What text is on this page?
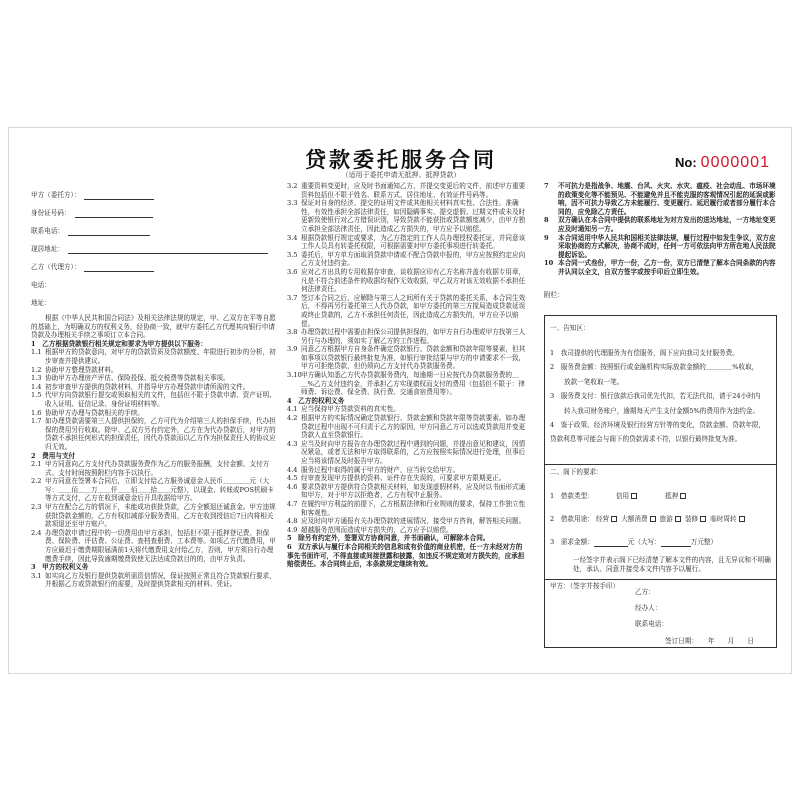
贷款委托服务合同
（适用于委托申请无抵押、抵押贷款）
No: 0000001
甲方（委托方）：
身份证号码：
联系电话：
现居地址：
乙方（代理方）：
电话：
地址：

根据《中华人民共和国合同法》及相关法律法规的规定，甲、乙双方在平等自愿的基础上，为明确双方的权利义务，经协商一致，就甲方委托乙方代理其向银行申请贷款及办理相关手续之事项订立本合同。

1　乙方根据贷款银行相关规定和要求为甲方提供以下服务：

1.1 根据甲方的贷款意向，对甲方的贷款资质及贷款额度、年限进行初步的分析，初步审查并提供建议。
1.2 协助甲方整理贷款材料。
1.3 协助甲方办理房产评估、保险投保、抵交税费等贷款相关事项。
1.4 初步审查甲方提供的贷款材料，并指导甲方办理贷款申请所需的文件。
1.5 代甲方向贷款银行提交或领取相关的文件，包括但不限于贷款申请、资产证明、收入证明、征信记录、身份证明材料等。
1.6 协助甲方办理与贷款相关的手续。
1.7 如办理贷款需要第三人提供担保的，乙方可代为介绍第三人的担保手续，代办担保的费用另行收取。除甲、乙双方另有约定外，乙方在为代办贷款后，对甲方的贷款不承担任何形式的担保责任，因代办贷款而以乙方作为担保责任人的协议应归无效。

2　费用与支付

2.1 甲方同意向乙方支付代办贷款服务费作为乙方的服务报酬，支付金额、支付方式、支付时间按照附栏内容予以执行。
2.2 甲方同意在签署本合同后，立即支付给乙方服务诚意金人民币＿＿＿＿元（大写：＿＿佰＿＿万＿＿仟＿＿佰＿＿拾＿＿元整），以现金、转账或POS机刷卡等方式支付，乙方在收到诚意金后开具收据给甲方。
2.3 甲方在配合乙方的情况下，未能成功获批贷款，乙方全额退还诚意金。甲方违规获批贷款金额的，乙方有权扣减部分服务费用，乙方在收到授信后7日内将相关款项退还至甲方账户。
2.4 办理贷款申请过程中的一切费用由甲方承担，包括但不限于抵押登记费、担保费、保险费、评估费、公证费、查档查册费、工本费等。如项乙方代缴费用，甲方应最迟于缴费期限届满前1天将代缴费用支付给乙方，否则，甲方须自行办理缴费手续，因此导致逾期缴费致使无法达成贷款目的的，由甲方负责。

3　甲方的权利义务

3.1 如实向乙方及银行提供贷款所需资信情况，保证按照正常且符合贷款银行要求，并根据乙方或贷款银行的需要，及时提供贷款相关的材料、凭证。
3.2 重要资料变更时，应及时书面通知乙方，并提交变更后的文件，前述甲方重要资料包括但不限于姓名、联系方式、居住地址、有效证件号码等。
3.3 保证对自身的经济、提交的证明文件或其他相关材料真实性、合法性、准确性，有效性承担全部法律责任，如因隐瞒事实、提交虚假、过期文件或未及时更新致使银行对乙方错误识别，导致贷款不能获批或贷款额度减少，由甲方独立承担全部法律责任，因此造成乙方损失的，甲方应予以赔偿。
3.4 根据贷款银行规定或要求，为乙方指定的工作人员办理授权委托证，并同意该工作人员具有转委托权限，可根据需要对甲方委托事项进行转委托。
3.5 委托后，甲方单方面取消贷款申请或不配合贷款申报的，甲方应按照约定应向乙方支付违约金。
3.6 应对乙方出具的专用收据存审查，谈收据应印有乙方名称并盖有收据专用章，凡是不符合前述条件的收据均视作无效收据，甲乙双方对该无效收据不承担任何法律责任。
3.7 签订本合同之后，应解除与第三人之间所有关于贷款的委托关系，本合同生效后，不得再另行委托第三人代办贷款，如甲方委托的第三方搅局造成贷款延误或终止贷款的，乙方不承担任何责任，因此造成乙方损失的，甲方应予以赔偿。
3.8 办理贷款过程中需要由担保公司提供担保的，如甲方自行办理或甲方找第三人另行与办理的，须如实了解乙方的工作进程。
3.9 同意乙方根据甲方自身条件确定贷款银行、贷款金额和贷款年限等要素，但其如事项以贷款银行最终批复为准，如银行审批结果与甲方的申请要求不一致，甲方可拒绝贷款，但仍须向乙方支付代办贷款服务费。
3.10 甲方确认知悉乙方代办贷款服务费内，每逾期一日应按代办贷款服务费的＿＿%乙方支付违约金，并承担乙方实现债权而支付的费用（包括但不限于：律师费、诉讼费、保全费、执行费、交通食宿费用等）。

4　乙方的权利义务

4.1 应当保持甲方贷款资料的真实性。
4.2 根据甲方的实际情况确定贷款银行、贷款金额和贷款年限等贷款要素。如办理贷款过程中出现不可归责于乙方的原因，甲方同意乙方可以选或贷款用并变更贷款人直至贷款银行。
4.3 应当及时向甲方报告在办理贷款过程中遇到的问题，并提出意见和建议，因情况紧急，或者无法和甲方取得联系的，乙方应按照实际情况进行处理，但事后应当将该情况及时报告甲方。
4.4 服务过程中取得的属于甲方的财产，应当转交给甲方。
4.5 经审查发现甲方提供的资料、证件存在失误的，可要求甲方限期更正。
4.6 要求贷款甲方提供符合贷款相关材料，如发现虚假材料，应及时以书面形式通知甲方，对于甲方以拒绝者，乙方有权中止服务。
4.7 在履约甲方利益的前提下，乙方根据法律和行业规则的要求，保持工作独立性和客观性。
4.8 应及时向甲方通报有关办理贷款的进展情况，接受甲方咨询，解答相关问题。
4.9 超越服务范围而造成甲方损失的，乙方应予以赔偿。

5　除另有约定外，签署双方协商同意，并书面确认，可解除本合同。

6　双方承认与履行本合同相关的信息和成有价值的商业机密，任一方未经对方的事先书面许可，不得直接或间接泄露和披露，如违反不规定致对方损失的，应承担赔偿责任。本合同终止后，本条款规定继续有效。

7	不可抗力是指战争、地震、台风、火灾、水灾、瘟疫、社会动乱、市场环境的政策变化等不能预见、不能避免并且不能克服的客观情况引起的延误或影响，因不可抗力导致乙方未能履行、变更履行、延迟履行或者部分履行本合同的，应免除乙方责任。
8	双方确认在本合同中提供的联系地址为对方发出的送达地址，一方地址变更应及时通知另一方。
9	本合同适用中华人民共和国相关法律法规，履行过程中如发生争议，双方应采取协商的方式解决，协商不成时，任何一方可依法向甲方所在地人民法院提起诉讼。
10 本合同一式叁份，甲方一份，乙方一份，双方已清楚了解本合同条款的内容并认同以全文，自双方签字或按手印后立即生效。

附栏：

一、告知区：
1　我司提供的代理服务为有偿服务，阁下应向我司支付服务费。
2　服务费金额：按照银行或金融机构实际放款金额的＿＿＿＿%收取，
放款一笔收取一笔。
3　服务费支付：银行放款后我司优先代扣，若无法代扣，请于24小时内
转入我司财务账户，逾期每天产生支付金额5%的费用作为违约金。
4　鉴于政策、经济环境及银行经营方针等的变化，贷款金额、贷款年限，
贷款利息等可能会与阁下的贷款需求不符，以银行最终批复为准。
二、阁下的要求：
1　借款类型：	信用	抵押
2　借款用途： 经营 大额消费 旅游 装修 临时周转
3　需求金额：	元（大写：	万元整）
一经签字并表示阁下已经清楚了解本文件的内容，且无异议和不明确处，承认、同意并接受本文件内容予以履行。
甲方：（签字并按手印）
乙方：
经办人：
联系电话：
签订日期：　　年　　月　　日
